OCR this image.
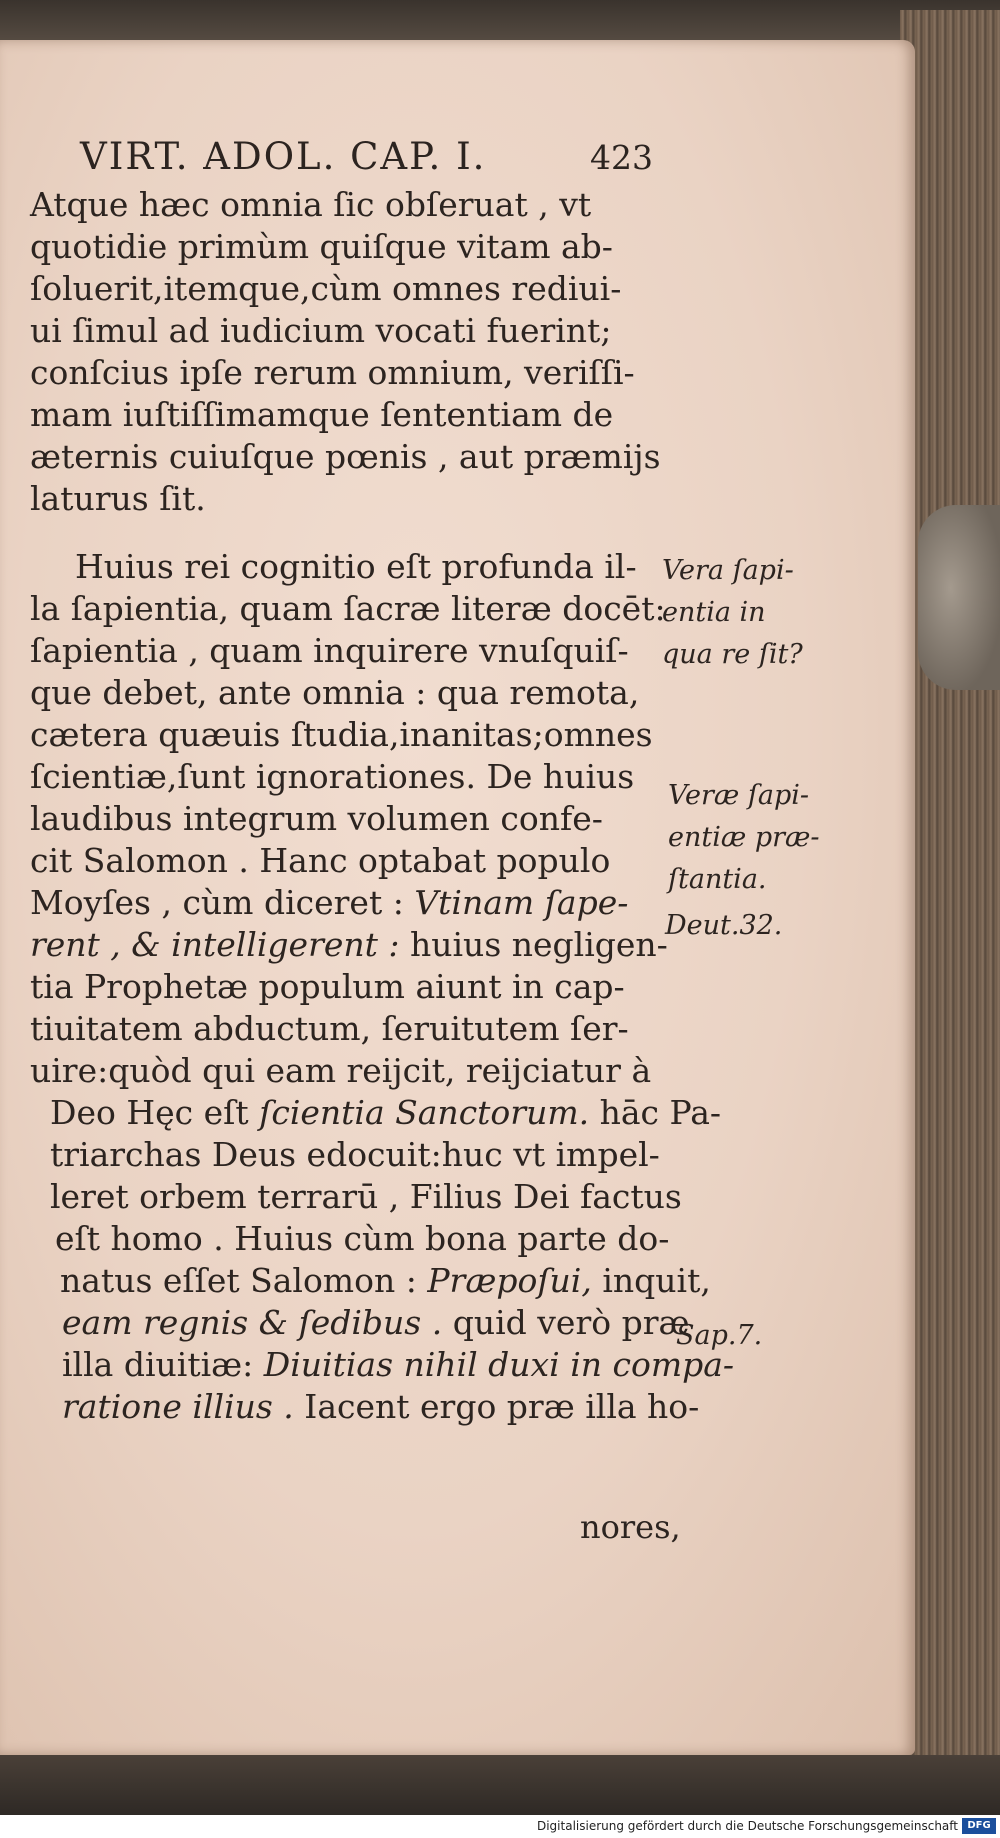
VIRT. ADOL. CAP. I.	423
Atque hæc omnia ſic obſeruat , vt
quotidie primùm quiſque vitam ab-
ſoluerit,itemque,cùm omnes rediui-
ui ſimul ad iudicium vocati fuerint;
conſcius ipſe rerum omnium, veriſſi-
mam iuſtiſſimamque ſententiam de
æternis cuiuſque pœnis , aut præmijs
laturus ſit.
Huius rei cognitio eſt profunda il-
la ſapientia, quam ſacræ literæ docēt:
ſapientia , quam inquirere vnuſquiſ-
que debet, ante omnia : qua remota,
cætera quæuis ſtudia,inanitas;omnes
ſcientiæ,ſunt ignorationes. De huius
laudibus integrum volumen confe-
cit Salomon . Hanc optabat populo
Moyſes , cùm diceret : Vtinam ſape-
rent , & intelligerent : huius negligen-
tia Prophetæ populum aiunt in cap-
tiuitatem abductum, ſeruitutem ſer-
uire:quòd qui eam reijcit, reijciatur à
Deo Hęc eſt ſcientia Sanctorum. hāc Pa-
triarchas Deus edocuit:huc vt impel-
leret orbem terrarū , Filius Dei factus
eſt homo . Huius cùm bona parte do-
natus eſſet Salomon : Præpoſui, inquit,
eam regnis & ſedibus . quid verò præ
illa diuitiæ: Diuitias nihil duxi in compa-
ratione illius . Iacent ergo præ illa ho-
nores,
Vera ſapi-
entia in
qua re ſit?
Veræ ſapi-
entiæ præ-
ſtantia.
Deut.32.
Sap.7.
Digitalisierung gefördert durch die Deutsche Forschungsgemeinschaft DFG
